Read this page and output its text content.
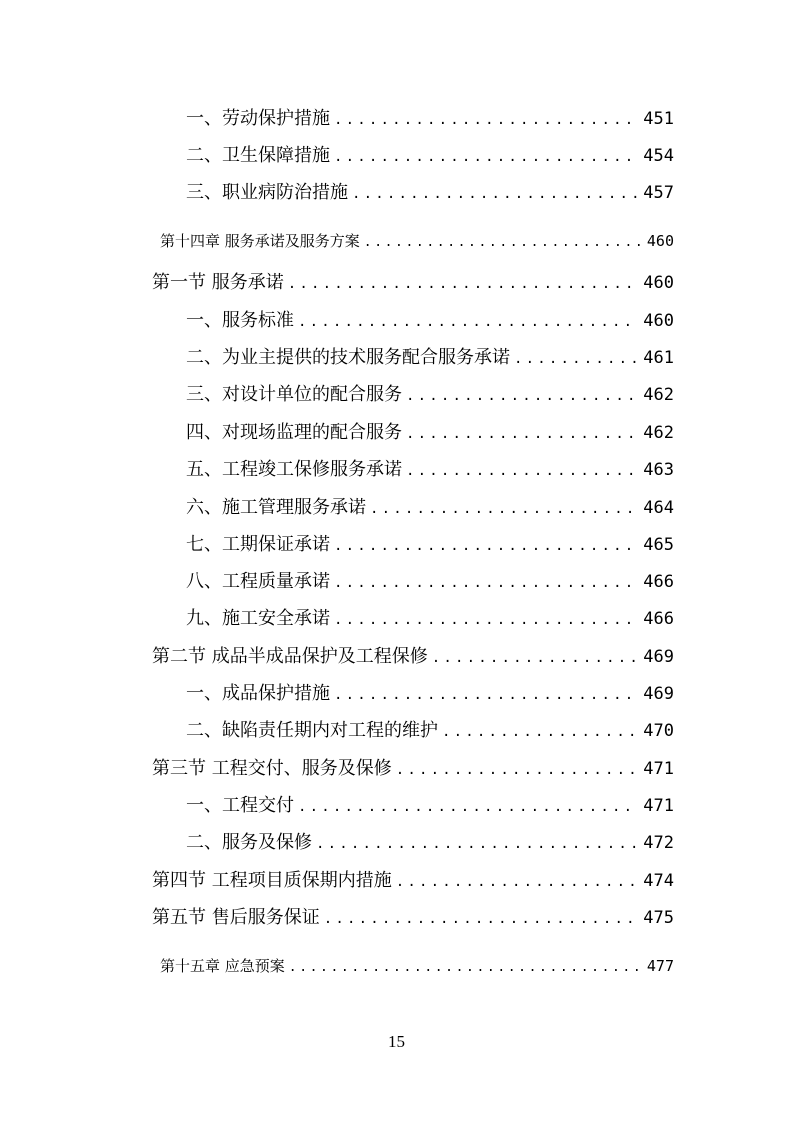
一、劳动保护措施 .....	451
二、卫生保障措施 .....	454
三、职业病防治措施 .....	457
第十四章 服务承诺及服务方案 .....	460
第一节 服务承诺 .....	460
一、服务标准 .....	460
二、为业主提供的技术服务配合服务承诺 .....	461
三、对设计单位的配合服务 .....	462
四、对现场监理的配合服务 .....	462
五、工程竣工保修服务承诺 .....	463
六、施工管理服务承诺 .....	464
七、工期保证承诺 .....	465
八、工程质量承诺 .....	466
九、施工安全承诺 .....	466
第二节 成品半成品保护及工程保修 .....	469
一、成品保护措施 .....	469
二、缺陷责任期内对工程的维护 .....	470
第三节 工程交付、服务及保修 .....	471
一、工程交付 .....	471
二、服务及保修 .....	472
第四节 工程项目质保期内措施 .....	474
第五节 售后服务保证 .....	475
第十五章 应急预案 .....	477
15
